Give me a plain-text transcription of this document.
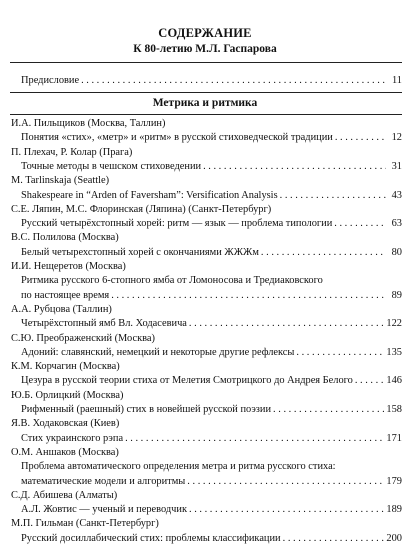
СОДЕРЖАНИЕ
К 80-летию М.Л. Гаспарова
Предисловие . . .	11
Метрика и ритмика
И.А. Пильщиков (Москва, Таллин)
Понятия «стих», «метр» и «ритм» в русской стиховедческой традиции . . .	12
П. Плехач, Р. Колар (Прага)
Точные методы в чешском стиховедении . . .	31
M. Tarlinskaja (Seattle)
Shakespeare in “Arden of Faversham”: Versification Analysis . . .	43
С.Е. Ляпин, М.С. Флоринская (Ляпина) (Санкт-Петербург)
Русский четырёхстопный хорей: ритм — язык — проблема типологии . . .	63
В.С. Полилова (Москва)
Белый четырехстопный хорей с окончаниями ЖЖЖм . . .	80
И.И. Нещеретов (Москва)
Ритмика русского 6-стопного ямба от Ломоносова и Тредиаковского
по настоящее время . . .	89
А.А. Рубцова (Таллин)
Четырёхстопный ямб Вл. Ходасевича . . .	122
С.Ю. Преображенский (Москва)
Адоний: славянский, немецкий и некоторые другие рефлексы . . .	135
К.М. Корчагин (Москва)
Цезура в русской теории стиха от Мелетия Смотрицкого до Андрея Белого . . .	146
Ю.Б. Орлицкий (Москва)
Рифменный (раешный) стих в новейшей русской поэзии . . .	158
Я.В. Ходаковская (Киев)
Стих украинского рэпа . . .	171
О.М. Аншаков (Москва)
Проблема автоматического определения метра и ритма русского стиха:
математические модели и алгоритмы . . .	179
С.Д. Абишева (Алматы)
А.Л. Жовтис — ученый и переводчик . . .	189
М.П. Гильман (Санкт-Петербург)
Русский досиллабический стих: проблемы классификации . . .	200
